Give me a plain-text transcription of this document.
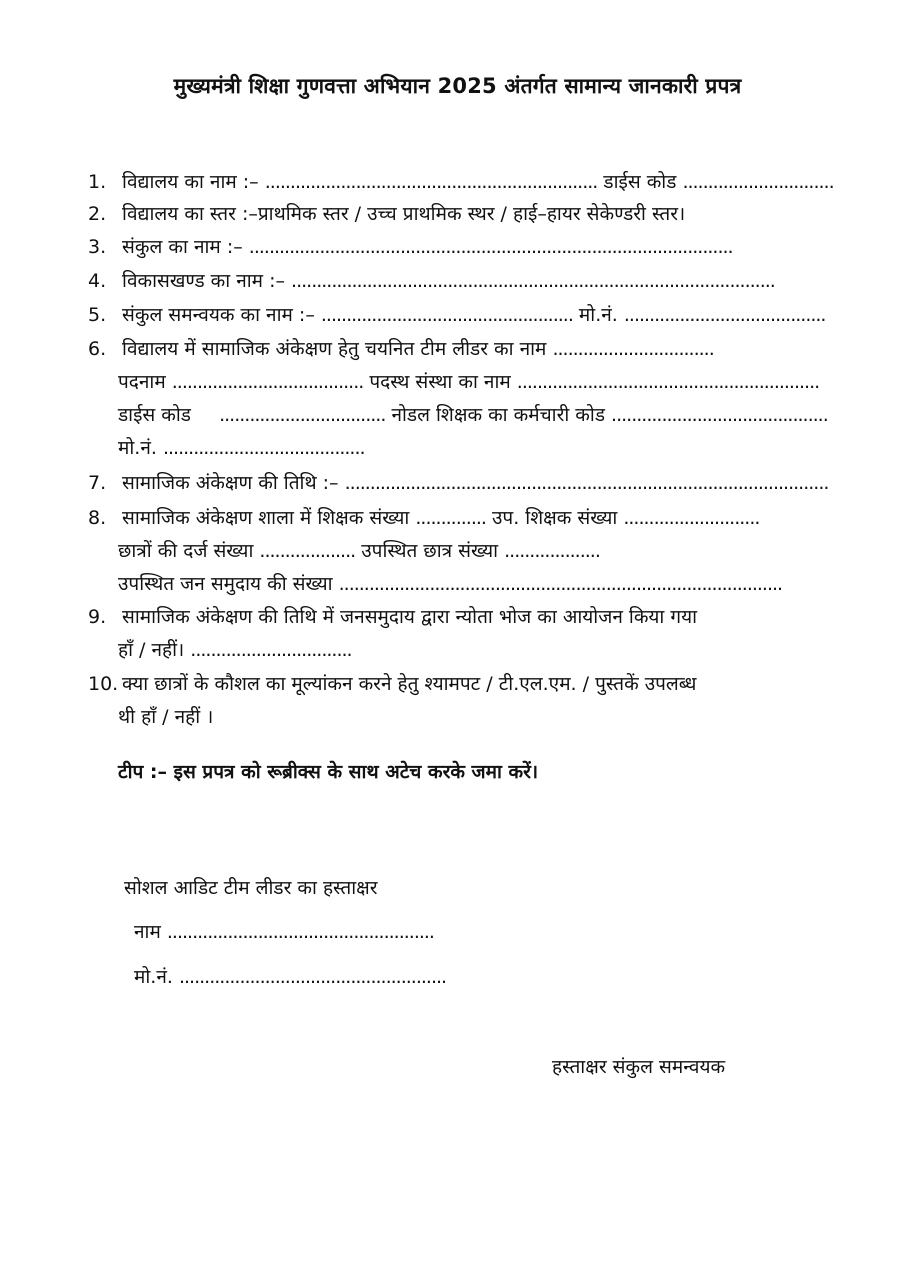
मुख्यमंत्री शिक्षा गुणवत्ता अभियान 2025 अंतर्गत सामान्य जानकारी प्रपत्र
1. विद्यालय का नाम :– .................................................................. डाईस कोड ..............................
2. विद्यालय का स्तर :–प्राथमिक स्तर / उच्च प्राथमिक स्थर / हाई–हायर सेकेण्डरी स्तर।
3. संकुल का नाम :– ................................................................................................
4. विकासखण्ड का नाम :– ................................................................................................
5. संकुल समन्वयक का नाम :– .................................................. मो.नं. ........................................
6. विद्यालय में सामाजिक अंकेक्षण हेतु चयनित टीम लीडर का नाम ................................
पदनाम ...................................... पदस्थ संस्था का नाम ............................................................
डाईस कोड ................................. नोडल शिक्षक का कर्मचारी कोड ...........................................
मो.नं. ........................................
7. सामाजिक अंकेक्षण की तिथि :– ................................................................................................
8. सामाजिक अंकेक्षण शाला में शिक्षक संख्या .............. उप. शिक्षक संख्या ...........................
छात्रों की दर्ज संख्या ................... उपस्थित छात्र संख्या ...................
उपस्थित जन समुदाय की संख्या ........................................................................................
9. सामाजिक अंकेक्षण की तिथि में जनसमुदाय द्वारा न्योता भोज का आयोजन किया गया
हाँ / नहीं। ................................
10. क्या छात्रों के कौशल का मूल्यांकन करने हेतु श्यामपट / टी.एल.एम. / पुस्तकें उपलब्ध
थी हाँ / नहीं ।
टीप :– इस प्रपत्र को रूब्रीक्स के साथ अटेच करके जमा करें।
सोशल आडिट टीम लीडर का हस्ताक्षर
नाम .....................................................
मो.नं. .....................................................
हस्ताक्षर संकुल समन्वयक
